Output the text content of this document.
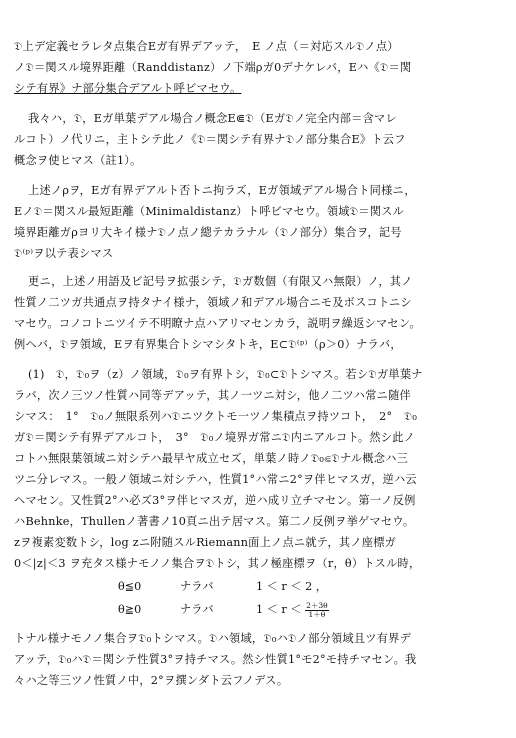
𝔇上デ定義セラレタ点集合Eガ有界デアッテ，　E ノ点（＝対応スル𝔇ノ点）
ノ𝔇＝関スル境界距離（Randdistanz）ノ下端ρガ0デナケレバ，Eハ《𝔇＝関
シテ有界》ナ部分集合デアルト呼ビマセウ。
我々ハ，𝔇，Eガ単葉デアル場合ノ概念E⋐𝔇（Eガ𝔇ノ完全内部＝含マレ
ルコト）ノ代リニ，主トシテ此ノ《𝔇＝関シテ有界ナ𝔇ノ部分集合E》ト云フ
概念ヲ使ヒマス（註1）。
上述ノρヲ，Eガ有界デアルト否トニ拘ラズ，Eガ領域デアル場合ト同様ニ，
Eノ𝔇＝関スル最短距離（Minimaldistanz）ト呼ビマセウ。領域𝔇＝関スル
境界距離ガρヨリ大キイ様ナ𝔇ノ点ノ總テカラナル（𝔇ノ部分）集合ヲ，記号
𝔇⁽ᵖ⁾ヲ以テ表シマス
更ニ，上述ノ用語及ビ記号ヲ拡張シテ，𝔇ガ数個（有限又ハ無限）ノ，其ノ
性質ノ二ツガ共通点ヲ持タナイ様ナ，領域ノ和デアル場合ニモ及ボスコトニシ
マセウ。コノコトニツイテ不明瞭ナ点ハアリマセンカラ，説明ヲ繰返シマセン。
例ヘバ，𝔇ヲ領域，Eヲ有界集合トシマシタトキ，E⊂𝔇⁽ᵖ⁾（ρ＞0）ナラバ，
(1)　𝔇，𝔇₀ヲ（z）ノ領域，𝔇₀ヲ有界トシ，𝔇₀⊂𝔇トシマス。若シ𝔇ガ単葉ナ
ラバ，次ノ三ツノ性質ハ同等デアッテ，其ノ一ツニ対シ，他ノ二ツハ常ニ随伴
シマス：　1°　𝔇₀ノ無限系列ハ𝔇ニツクトモ一ツノ集積点ヲ持ツコト，　2°　𝔇₀
ガ𝔇＝関シテ有界デアルコト，　3°　𝔇₀ノ境界ガ常ニ𝔇内ニアルコト。然シ此ノ
コトハ無限葉領域ニ対シテハ最早ヤ成立セズ，単葉ノ時ノ𝔇₀⋐𝔇ナル概念ハ三
ツニ分レマス。一般ノ領域ニ対シテハ，性質1°ハ常ニ2°ヲ伴ヒマスガ，逆ハ云
ヘマセン。又性質2°ハ必ズ3°ヲ伴ヒマスガ，逆ハ成リ立チマセン。第一ノ反例
ハBehnke，Thullenノ著書ノ10頁ニ出テ居マス。第二ノ反例ヲ挙ゲマセウ。
zヲ複素変数トシ，log zニ附随スルRiemann面上ノ点ニ就テ，其ノ座標ガ
0＜|z|＜3 ヲ充タス様ナモノノ集合ヲ𝔇トシ，其ノ極座標ヲ（r，θ）トスル時，
θ≦0	ナラバ	1 ＜ r ＜ 2 ，
θ≧0	ナラバ	$1 < r < \frac{2+3\theta}{1+\theta}$
トナル様ナモノノ集合ヲ𝔇₀トシマス。𝔇ハ領域，𝔇₀ハ𝔇ノ部分領域且ツ有界デ
アッテ，𝔇₀ハ𝔇＝関シテ性質3°ヲ持チマス。然シ性質1°モ2°モ持チマセン。我
々ハ之等三ツノ性質ノ中，2°ヲ撰ンダト云フノデス。
